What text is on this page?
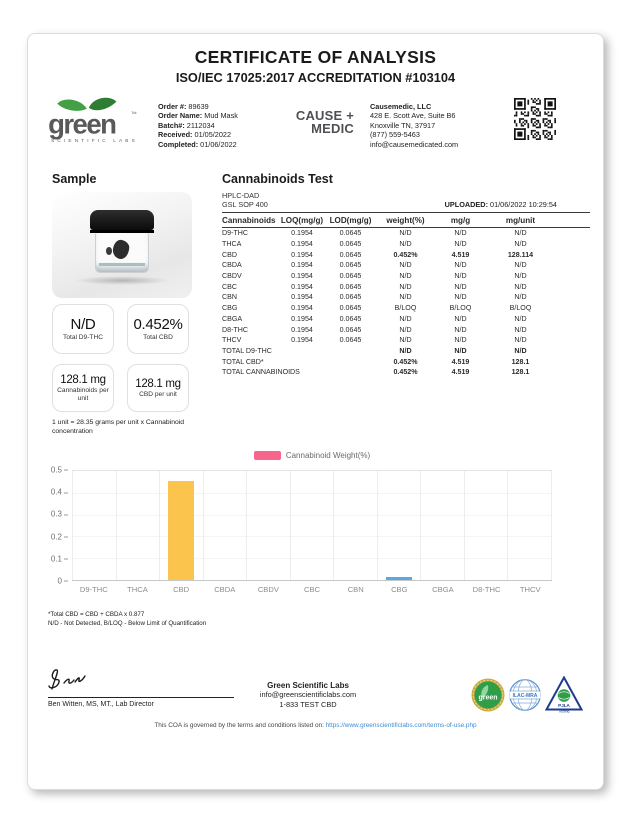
CERTIFICATE OF ANALYSIS
ISO/IEC 17025:2017 ACCREDITATION #103104
green	™
SCIENTIFIC LABS
Order #: 89639
Order Name: Mud Mask
Batch#: 2112034
Received: 01/05/2022
Completed: 01/06/2022
CAUSE +
MEDIC
Causemedic, LLC
428 E. Scott Ave, Suite B6
Knoxville TN, 37917
(877) 559-5463
info@causemedicated.com
Sample
N/D
Total D9-THC
0.452%
Total CBD
128.1 mg
Cannabinoids per unit
128.1 mg
CBD per unit
1 unit = 28.35 grams per unit x Cannabinoid concentration
Cannabinoids Test
HPLC-DAD
GSL SOP 400	UPLOADED: 01/06/2022 10:29:54
Cannabinoids	LOQ(mg/g)	LOD(mg/g)	weight(%)	mg/g	mg/unit	
D9-THC	0.1954	0.0645	N/D	N/D	N/D	
THCA	0.1954	0.0645	N/D	N/D	N/D	
CBD	0.1954	0.0645	0.452%	4.519	128.114	
CBDA	0.1954	0.0645	N/D	N/D	N/D	
CBDV	0.1954	0.0645	N/D	N/D	N/D	
CBC	0.1954	0.0645	N/D	N/D	N/D	
CBN	0.1954	0.0645	N/D	N/D	N/D	
CBG	0.1954	0.0645	B/LOQ	B/LOQ	B/LOQ	
CBGA	0.1954	0.0645	N/D	N/D	N/D	
D8-THC	0.1954	0.0645	N/D	N/D	N/D	
THCV	0.1954	0.0645	N/D	N/D	N/D	
TOTAL D9-THC			N/D	N/D	N/D	
TOTAL CBD*			0.452%	4.519	128.1	
TOTAL CANNABINOIDS			0.452%	4.519	128.1	
Cannabinoid Weight(%)
0.5
0.4
0.3
0.2
0.1
0
D9-THC	THCA	CBD	CBDA	CBDV	CBC	CBN	CBG	CBGA	D8-THC	THCV
*Total CBD = CBD + CBDA x 0.877
N/D - Not Detected, B/LOQ - Below Limit of Quantification
Ben Witten, MS, MT., Lab Director
Green Scientific Labs
info@greenscientificlabs.com
1-833 TEST CBD
green	ILAC-MRA
PJLA
Testing
This COA is governed by the terms and conditions listed on: https://www.greenscientificlabs.com/terms-of-use.php
